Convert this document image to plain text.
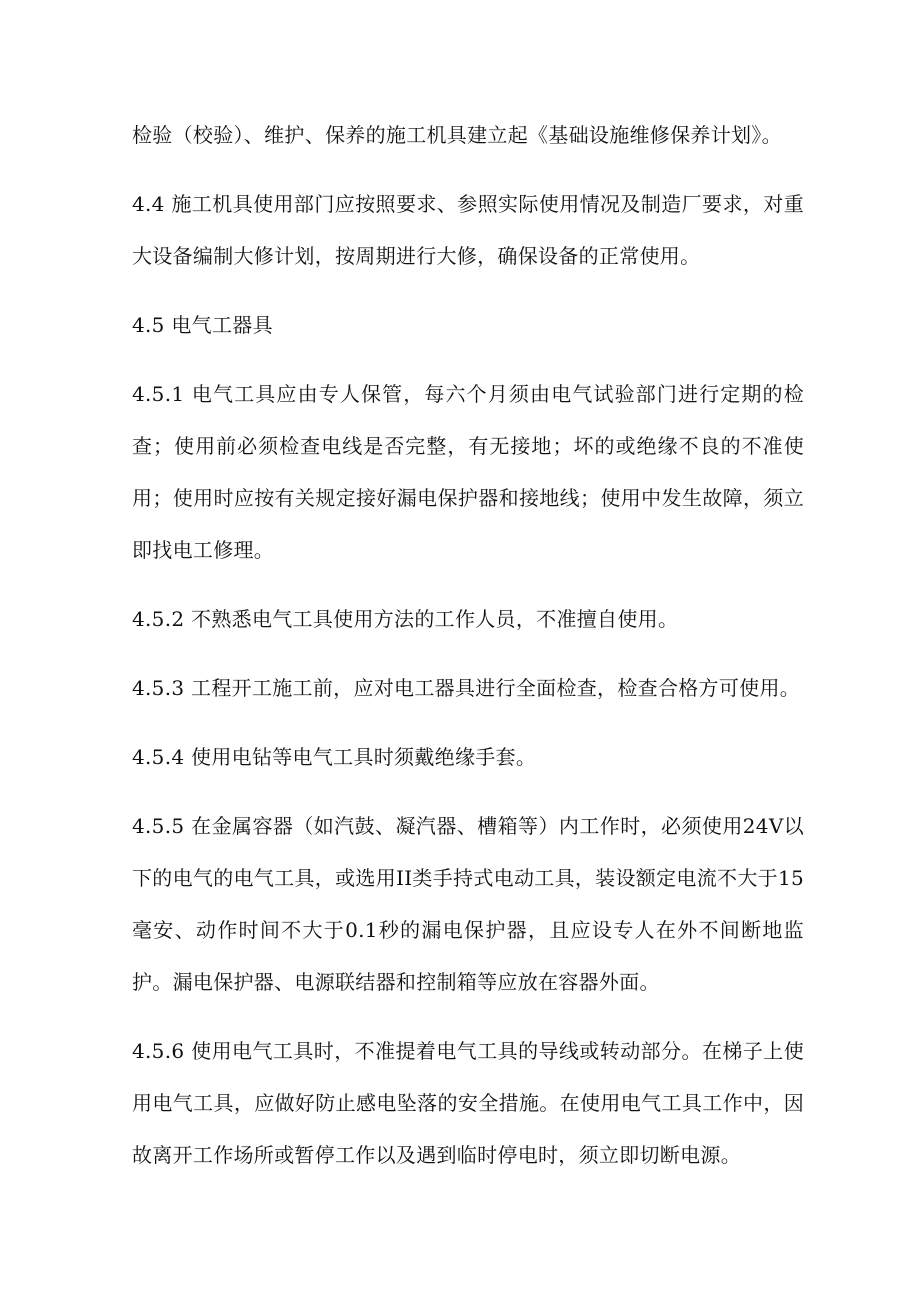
检验（校验）、维护、保养的施工机具建立起《基础设施维修保养计划》。

4.4 施工机具使用部门应按照要求、参照实际使用情况及制造厂要求，对重大设备编制大修计划，按周期进行大修，确保设备的正常使用。

4.5 电气工器具

4.5.1 电气工具应由专人保管，每六个月须由电气试验部门进行定期的检查；使用前必须检查电线是否完整，有无接地；坏的或绝缘不良的不准使用；使用时应按有关规定接好漏电保护器和接地线；使用中发生故障，须立即找电工修理。

4.5.2 不熟悉电气工具使用方法的工作人员，不准擅自使用。

4.5.3 工程开工施工前，应对电工器具进行全面检查，检查合格方可使用。

4.5.4 使用电钻等电气工具时须戴绝缘手套。

4.5.5 在金属容器（如汽鼓、凝汽器、槽箱等）内工作时，必须使用24V以下的电气的电气工具，或选用II类手持式电动工具，装设额定电流不大于15毫安、动作时间不大于0.1秒的漏电保护器，且应设专人在外不间断地监护。漏电保护器、电源联结器和控制箱等应放在容器外面。

4.5.6 使用电气工具时，不准提着电气工具的导线或转动部分。在梯子上使用电气工具，应做好防止感电坠落的安全措施。在使用电气工具工作中，因故离开工作场所或暂停工作以及遇到临时停电时，须立即切断电源。
